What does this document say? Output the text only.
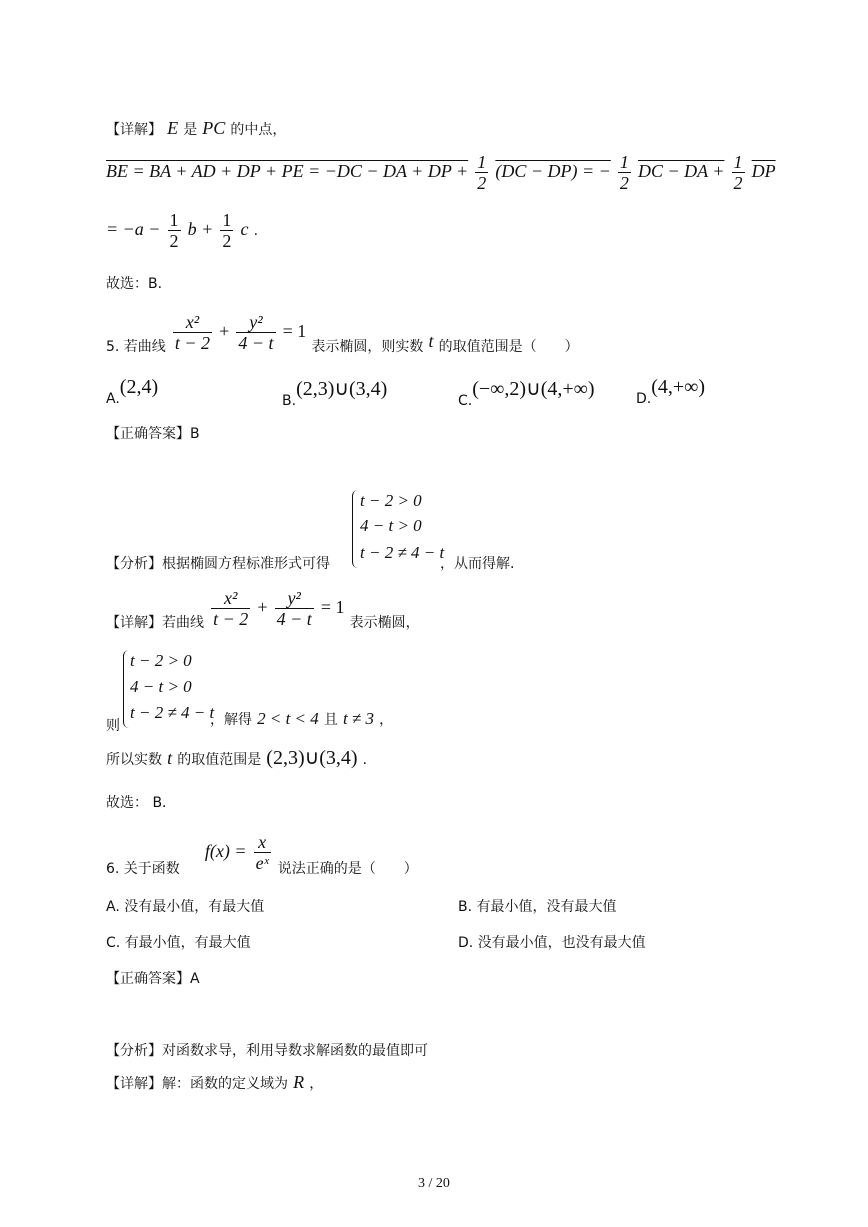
【详解】 E 是 PC 的中点，
BE = BA + AD + DP + PE = −DC − DA + DP + $\frac{1}{2} (DC - DP)$ = − $\frac{1}{2}$ DC − DA + $\frac{1}{2} \overline{DP}$
= $-a - \frac{1}{2}$ $b + \frac{1}{2}$ c .
故选：B.
5. 若曲线 $\frac{\text{x²}}{t - 2} + \frac{\text{y²}}{4 - t} = 1$ 表示椭圆，则实数 t 的取值范围是（　　）
A.(2,4)
B.(2,3)∪(3,4)
C.(−∞,2)∪(4,+∞)	D.(4,+∞)
【正确答案】B
【分析】根据椭圆方程标准形式可得
t − 2 > 0
4 − t > 0
t − 2 ≠ 4 − t
，从而得解.
【详解】若曲线 $\frac{\text{x²}}{t - 2} + \frac{\text{y²}}{4 - t} = 1$ 表示椭圆，
则
t − 2 > 0
4 − t > 0
t − 2 ≠ 4 − t
，解得 2 < t < 4 且 t ≠ 3 ，
所以实数 t 的取值范围是 (2,3)∪(3,4) .
故选： B．
6. 关于函数 $f(x) = \frac{x}{\text{eˣ}}$ 说法正确的是（　　）
A. 没有最小值，有最大值	B. 有最小值，没有最大值
C. 有最小值，有最大值	D. 没有最小值，也没有最大值
【正确答案】A
【分析】对函数求导，利用导数求解函数的最值即可
【详解】解：函数的定义域为 R ，
3 / 20
